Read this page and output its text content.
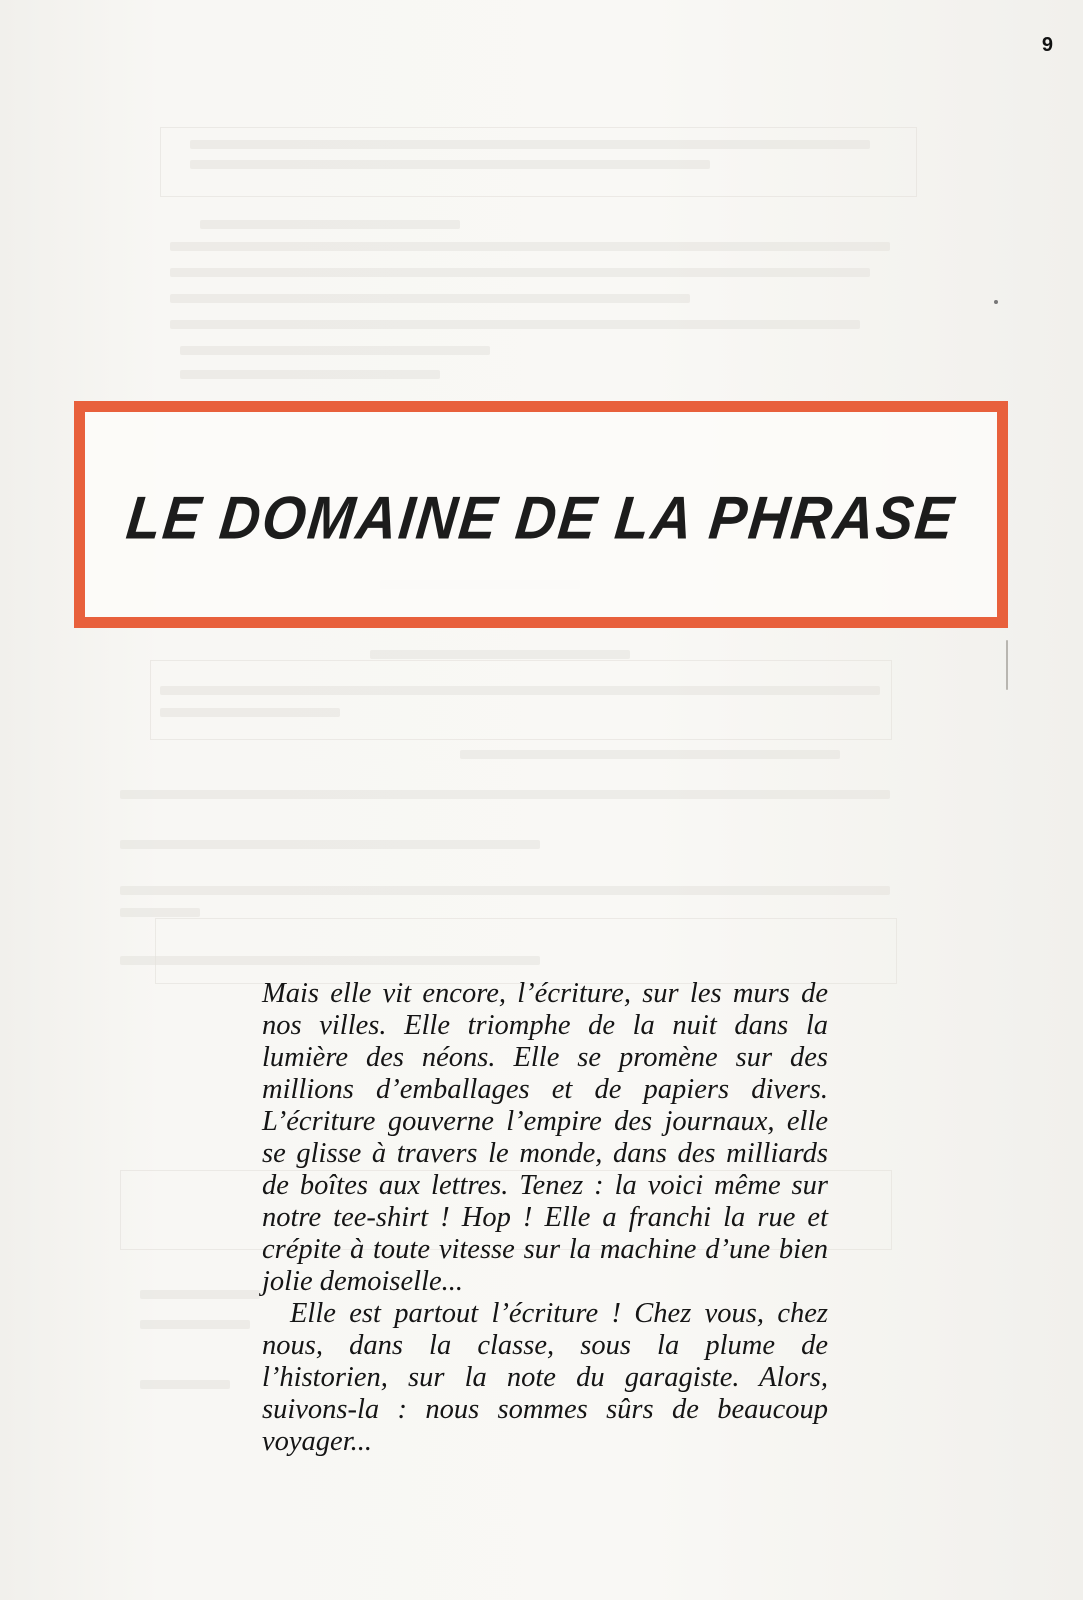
9
LE DOMAINE DE LA PHRASE

Mais elle vit encore, l’écriture, sur les murs de nos villes. Elle triomphe de la nuit dans la lumière des néons. Elle se promène sur des millions d’emballages et de papiers divers. L’écriture gouverne l’empire des journaux, elle se glisse à travers le monde, dans des milliards de boîtes aux lettres. Tenez : la voici même sur notre tee-shirt ! Hop ! Elle a franchi la rue et crépite à toute vitesse sur la machine d’une bien jolie demoiselle...

Elle est partout l’écriture ! Chez vous, chez nous, dans la classe, sous la plume de l’historien, sur la note du garagiste. Alors, suivons-la : nous sommes sûrs de beaucoup voyager...
